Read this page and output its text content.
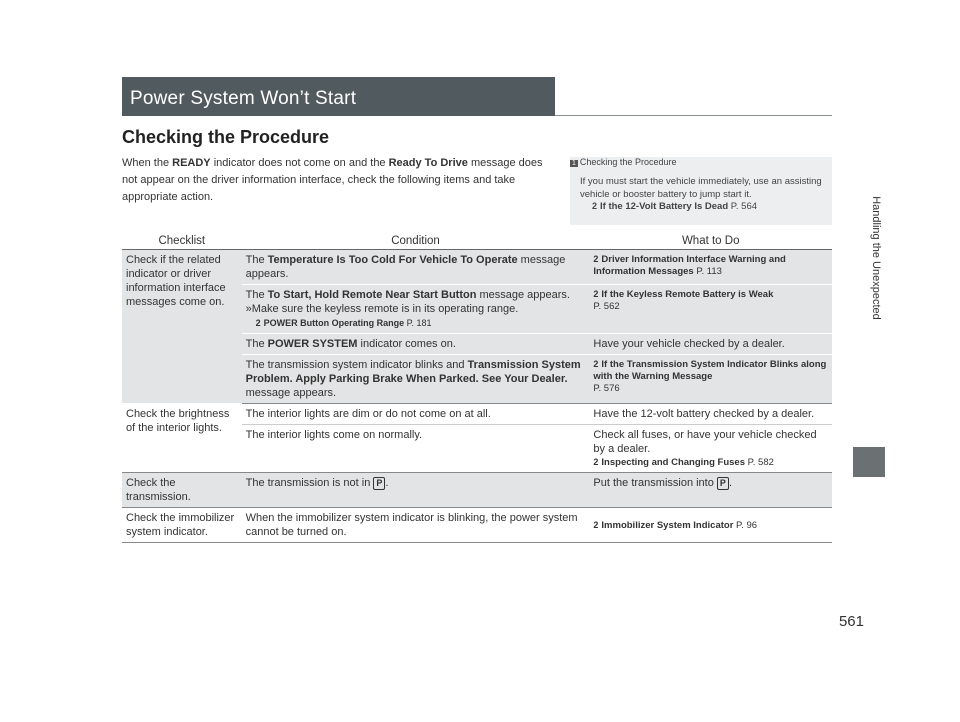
Power System Won’t Start
Handling the Unexpected
Checking the Procedure

When the READY indicator does not come on and the Ready To Drive message does not appear on the driver information interface, check the following items and take appropriate action.

1 Checking the Procedure
If you must start the vehicle immediately, use an assisting vehicle or booster battery to jump start it.
2 If the 12-Volt Battery Is Dead P. 564
Checklist	Condition	What to Do
Check if the related indicator or driver information interface messages come on.	The Temperature Is Too Cold For Vehicle To Operate message appears.	2 Driver Information Interface Warning and Information Messages P. 113
	The To Start, Hold Remote Near Start Button message appears.
»Make sure the keyless remote is in its operating range.
2 POWER Button Operating Range P. 181	2 If the Keyless Remote Battery is Weak
P. 562
	The POWER SYSTEM indicator comes on.	Have your vehicle checked by a dealer.
	The transmission system indicator blinks and Transmission System Problem. Apply Parking Brake When Parked. See Your Dealer. message appears.	2 If the Transmission System Indicator Blinks along with the Warning Message
P. 576
Check the brightness of the interior lights.	The interior lights are dim or do not come on at all.	Have the 12-volt battery checked by a dealer.
	The interior lights come on normally.	Check all fuses, or have your vehicle checked by a dealer.
2 Inspecting and Changing Fuses P. 582

Check the transmission.	The transmission is not in P .	Put the transmission into P .
Check the immobilizer system indicator.	When the immobilizer system indicator is blinking, the power system cannot be turned on.	2 Immobilizer System Indicator P. 96
561
